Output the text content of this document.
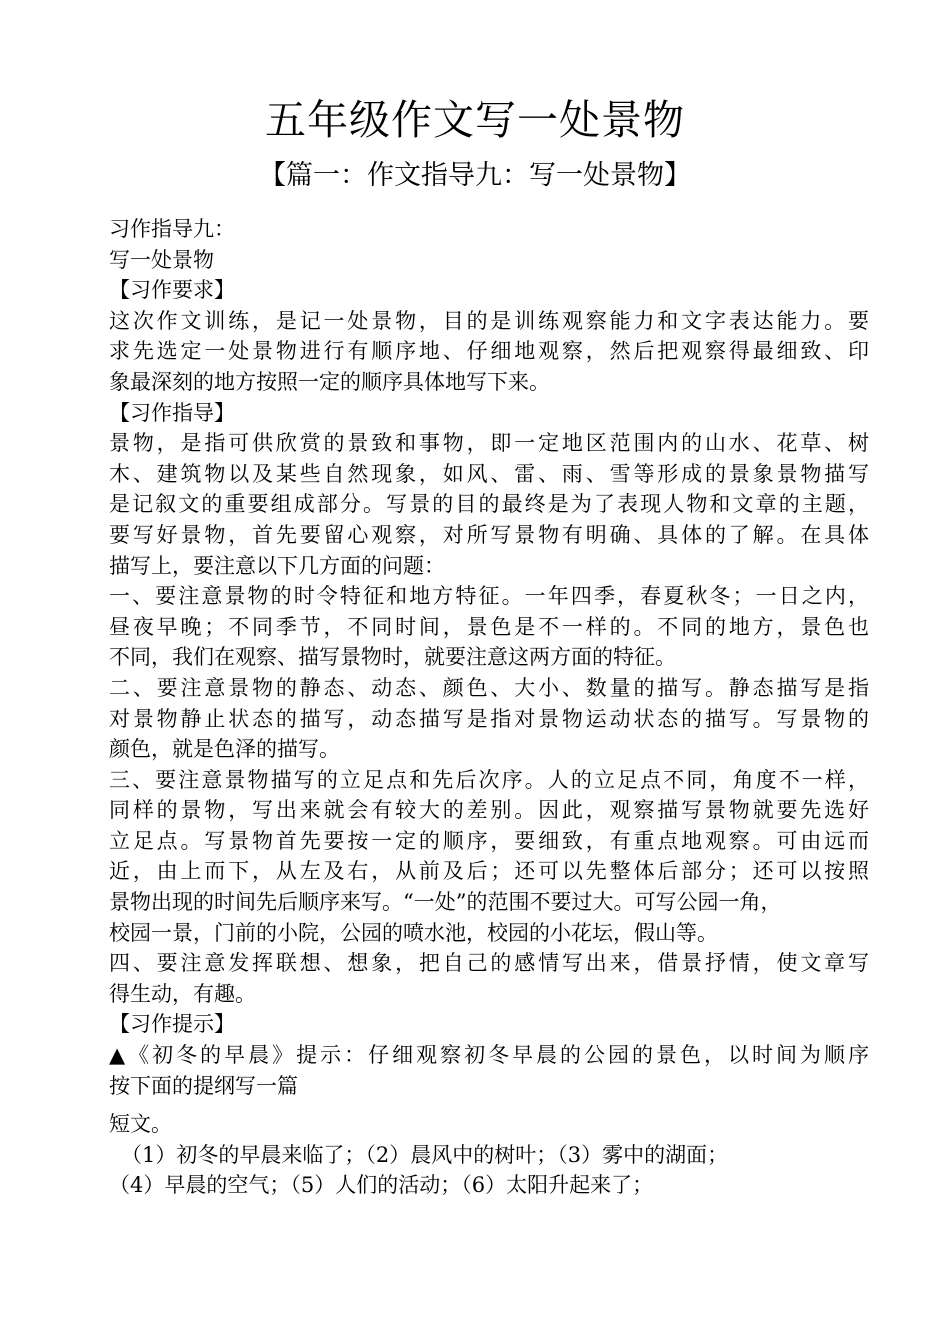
五年级作文写一处景物
【篇一：作文指导九：写一处景物】
习作指导九：
写一处景物
【习作要求】
这次作文训练，是记一处景物，目的是训练观察能力和文字表达能力。要
求先选定一处景物进行有顺序地、仔细地观察，然后把观察得最细致、印
象最深刻的地方按照一定的顺序具体地写下来。
【习作指导】
景物，是指可供欣赏的景致和事物，即一定地区范围内的山水、花草、树
木、建筑物以及某些自然现象，如风、雷、雨、雪等形成的景象景物描写
是记叙文的重要组成部分。写景的目的最终是为了表现人物和文章的主题，
要写好景物，首先要留心观察，对所写景物有明确、具体的了解。在具体
描写上，要注意以下几方面的问题：
一、要注意景物的时令特征和地方特征。一年四季，春夏秋冬；一日之内，
昼夜早晚；不同季节，不同时间，景色是不一样的。不同的地方，景色也
不同，我们在观察、描写景物时，就要注意这两方面的特征。
二、要注意景物的静态、动态、颜色、大小、数量的描写。静态描写是指
对景物静止状态的描写，动态描写是指对景物运动状态的描写。写景物的
颜色，就是色泽的描写。
三、要注意景物描写的立足点和先后次序。人的立足点不同，角度不一样，
同样的景物，写出来就会有较大的差别。因此，观察描写景物就要先选好
立足点。写景物首先要按一定的顺序，要细致，有重点地观察。可由远而
近，由上而下，从左及右，从前及后；还可以先整体后部分；还可以按照
景物出现的时间先后顺序来写。“一处”的范围不要过大。可写公园一角，
校园一景，门前的小院，公园的喷水池，校园的小花坛，假山等。
四、要注意发挥联想、想象，把自己的感情写出来，借景抒情，使文章写
得生动，有趣。
【习作提示】
▲《初冬的早晨》提示：仔细观察初冬早晨的公园的景色，以时间为顺序
按下面的提纲写一篇
短文。
（1）初冬的早晨来临了；（2）晨风中的树叶；（3）雾中的湖面；
（4）早晨的空气；（5）人们的活动；（6）太阳升起来了；
